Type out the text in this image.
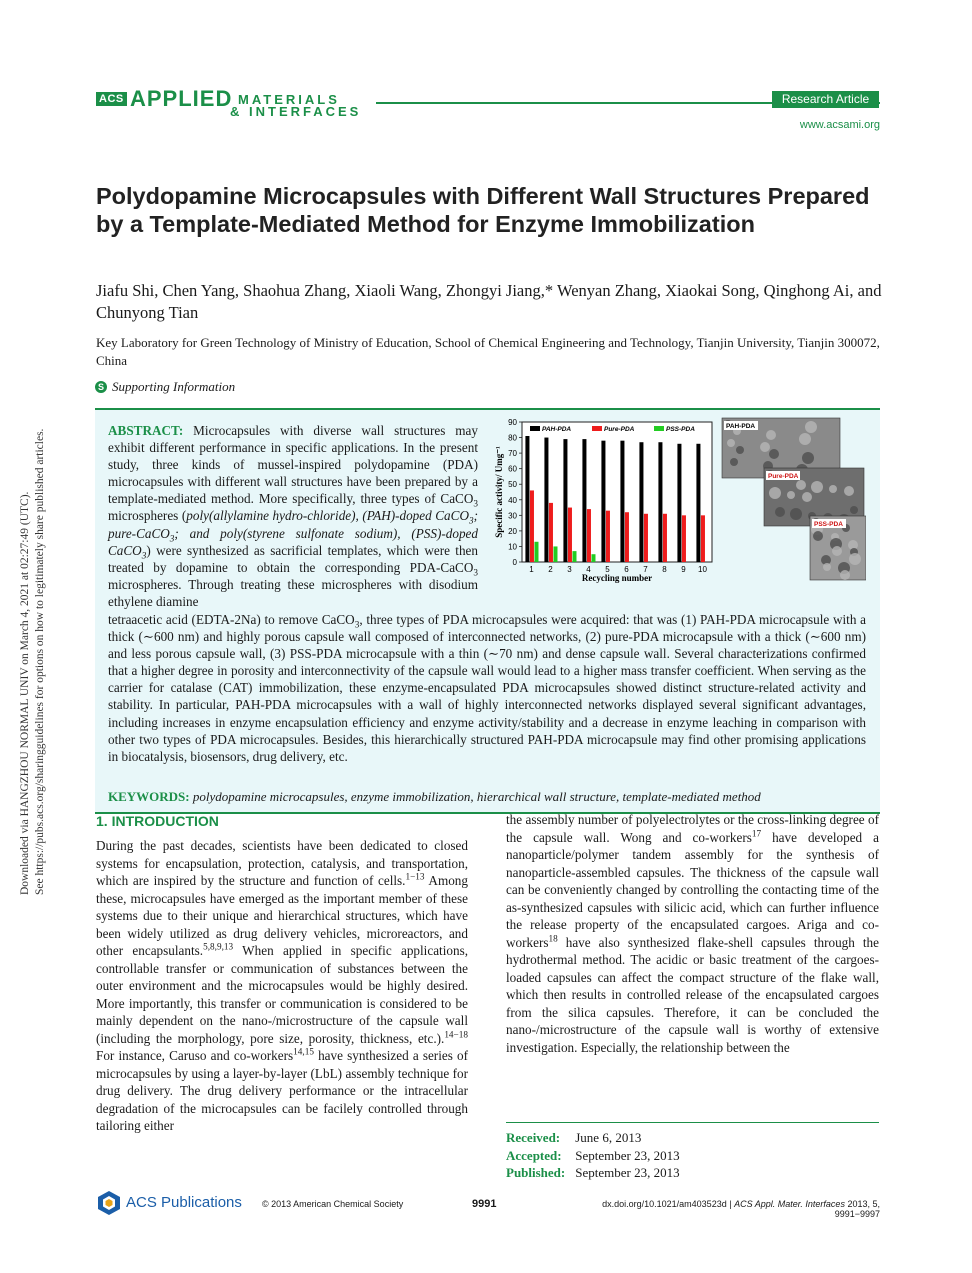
ACS APPLIED MATERIALS
& INTERFACES
Research Article
www.acsami.org
Polydopamine Microcapsules with Different Wall Structures Prepared by a Template-Mediated Method for Enzyme Immobilization
Jiafu Shi, Chen Yang, Shaohua Zhang, Xiaoli Wang, Zhongyi Jiang,* Wenyan Zhang, Xiaokai Song, Qinghong Ai, and Chunyong Tian
Key Laboratory for Green Technology of Ministry of Education, School of Chemical Engineering and Technology, Tianjin University, Tianjin 300072, China
S Supporting Information
ABSTRACT: Microcapsules with diverse wall structures may exhibit different performance in specific applications. In the present study, three kinds of mussel-inspired polydopamine (PDA) microcapsules with different wall structures have been prepared by a template-mediated method. More specifically, three types of CaCO$_3$ microspheres (poly(allylamine hydro-chloride), (PAH)-doped CaCO$_3$; pure-CaCO$_3$; and poly(styrene sulfonate sodium), (PSS)-doped CaCO$_3$) were synthesized as sacrificial templates, which were then treated by dopamine to obtain the corresponding PDA-CaCO$_3$ microspheres. Through treating these microspheres with disodium ethylene diamine
tetraacetic acid (EDTA-2Na) to remove CaCO$_3$, three types of PDA microcapsules were acquired: that was (1) PAH-PDA microcapsule with a thick (∼600 nm) and highly porous capsule wall composed of interconnected networks, (2) pure-PDA microcapsule with a thick (∼600 nm) and less porous capsule wall, (3) PSS-PDA microcapsule with a thin (∼70 nm) and dense capsule wall. Several characterizations confirmed that a higher degree in porosity and interconnectivity of the capsule wall would lead to a higher mass transfer coefficient. When serving as the carrier for catalase (CAT) immobilization, these enzyme-encapsulated PDA microcapsules showed distinct structure-related activity and stability. In particular, PAH-PDA microcapsules with a wall of highly interconnected networks displayed several significant advantages, including increases in enzyme encapsulation efficiency and enzyme activity/stability and a decrease in enzyme leaching in comparison with other two types of PDA microcapsules. Besides, this hierarchically structured PAH-PDA microcapsule may find other promising applications in biocatalysis, biosensors, drug delivery, etc.
KEYWORDS: polydopamine microcapsules, enzyme immobilization, hierarchical wall structure, template-mediated method
0
10
20
30
40
50
60
70
80
90
1 2 3 4 5 6 7 8 9 10
PAH-PDA	Pure-PDA	PSS-PDA
Recycling number
Specific activity/ Umg⁻¹
PAH-PDA
Pure-PDA
PSS-PDA
1. INTRODUCTION
During the past decades, scientists have been dedicated to closed systems for encapsulation, protection, catalysis, and transportation, which are inspired by the structure and function of cells.$^{1-13}$ Among these, microcapsules have emerged as the important member of these systems due to their unique and hierarchical structures, which have been widely utilized as drug delivery vehicles, microreactors, and other encapsulants.$^{5,8,9,13}$ When applied in specific applications, controllable transfer or communication of substances between the outer environment and the microcapsules would be highly desired. More importantly, this transfer or communication is considered to be mainly dependent on the nano-/microstructure of the capsule wall (including the morphology, pore size, porosity, thickness, etc.).$^{14-18}$ For instance, Caruso and co-workers$^{14,15}$ have synthesized a series of microcapsules by using a layer-by-layer (LbL) assembly technique for drug delivery. The drug delivery performance or the intracellular degradation of the microcapsules can be facilely controlled through tailoring either
the assembly number of polyelectrolytes or the cross-linking degree of the capsule wall. Wong and co-workers$^{17}$ have developed a nanoparticle/polymer tandem assembly for the synthesis of nanoparticle-assembled capsules. The thickness of the capsule wall can be conveniently changed by controlling the contacting time of the as-synthesized capsules with silicic acid, which can further influence the release property of the encapsulated cargoes. Ariga and co-workers$^{18}$ have also synthesized flake-shell capsules through the hydrothermal method. The acidic or basic treatment of the cargoes-loaded capsules can affect the compact structure of the flake wall, which then results in controlled release of the encapsulated cargoes from the silica capsules. Therefore, it can be concluded the nano-/microstructure of the capsule wall is worthy of extensive investigation. Especially, the relationship between the
Received: June 6, 2013
Accepted: September 23, 2013
Published: September 23, 2013
Downloaded via HANGZHOU NORMAL UNIV on March 4, 2021 at 02:27:49 (UTC). See https://pubs.acs.org/sharingguidelines for options on how to legitimately share published articles.
ACS Publications © 2013 American Chemical Society	9991	dx.doi.org/10.1021/am403523d | ACS Appl. Mater. Interfaces 2013, 5, 9991−9997
